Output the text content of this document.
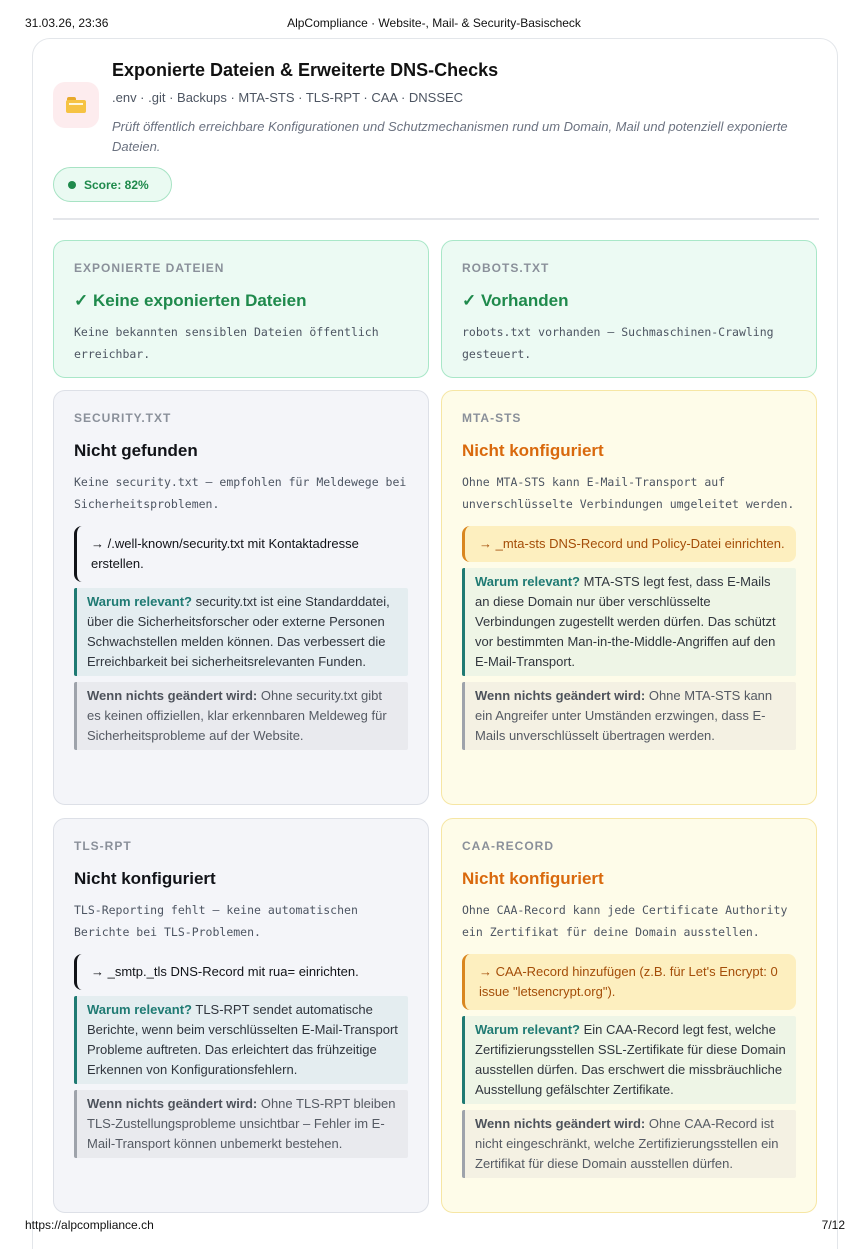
31.03.26, 23:36	AlpCompliance · Website-, Mail- & Security-Basischeck
Exponierte Dateien & Erweiterte DNS-Checks
.env · .git · Backups · MTA-STS · TLS-RPT · CAA · DNSSEC
Prüft öffentlich erreichbare Konfigurationen und Schutzmechanismen rund um Domain, Mail und potenziell exponierte Dateien.
Score: 82%
EXPONIERTE DATEIEN
✓ Keine exponierten Dateien
Keine bekannten sensiblen Dateien öffentlich erreichbar.
ROBOTS.TXT
✓ Vorhanden
robots.txt vorhanden – Suchmaschinen-Crawling gesteuert.
SECURITY.TXT
Nicht gefunden
Keine security.txt – empfohlen für Meldewege bei Sicherheitsproblemen.
→ /.well-known/security.txt mit Kontaktadresse erstellen.
Warum relevant? security.txt ist eine Standarddatei, über die Sicherheitsforscher oder externe Personen Schwachstellen melden können. Das verbessert die Erreichbarkeit bei sicherheitsrelevanten Funden.
Wenn nichts geändert wird: Ohne security.txt gibt es keinen offiziellen, klar erkennbaren Meldeweg für Sicherheitsprobleme auf der Website.
MTA-STS
Nicht konfiguriert
Ohne MTA-STS kann E-Mail-Transport auf unverschlüsselte Verbindungen umgeleitet werden.
→ _mta-sts DNS-Record und Policy-Datei einrichten.
Warum relevant? MTA-STS legt fest, dass E-Mails an diese Domain nur über verschlüsselte Verbindungen zugestellt werden dürfen. Das schützt vor bestimmten Man-in-the-Middle-Angriffen auf den E-Mail-Transport.
Wenn nichts geändert wird: Ohne MTA-STS kann ein Angreifer unter Umständen erzwingen, dass E-Mails unverschlüsselt übertragen werden.
TLS-RPT
Nicht konfiguriert
TLS-Reporting fehlt – keine automatischen Berichte bei TLS-Problemen.
→ _smtp._tls DNS-Record mit rua= einrichten.
Warum relevant? TLS-RPT sendet automatische Berichte, wenn beim verschlüsselten E-Mail-Transport Probleme auftreten. Das erleichtert das frühzeitige Erkennen von Konfigurationsfehlern.
Wenn nichts geändert wird: Ohne TLS-RPT bleiben TLS-Zustellungsprobleme unsichtbar – Fehler im E-Mail-Transport können unbemerkt bestehen.
CAA-RECORD
Nicht konfiguriert
Ohne CAA-Record kann jede Certificate Authority ein Zertifikat für deine Domain ausstellen.
→ CAA-Record hinzufügen (z.B. für Let's Encrypt: 0 issue "letsencrypt.org").
Warum relevant? Ein CAA-Record legt fest, welche Zertifizierungsstellen SSL-Zertifikate für diese Domain ausstellen dürfen. Das erschwert die missbräuchliche Ausstellung gefälschter Zertifikate.
Wenn nichts geändert wird: Ohne CAA-Record ist nicht eingeschränkt, welche Zertifizierungsstellen ein Zertifikat für diese Domain ausstellen dürfen.
https://alpcompliance.ch	7/12
